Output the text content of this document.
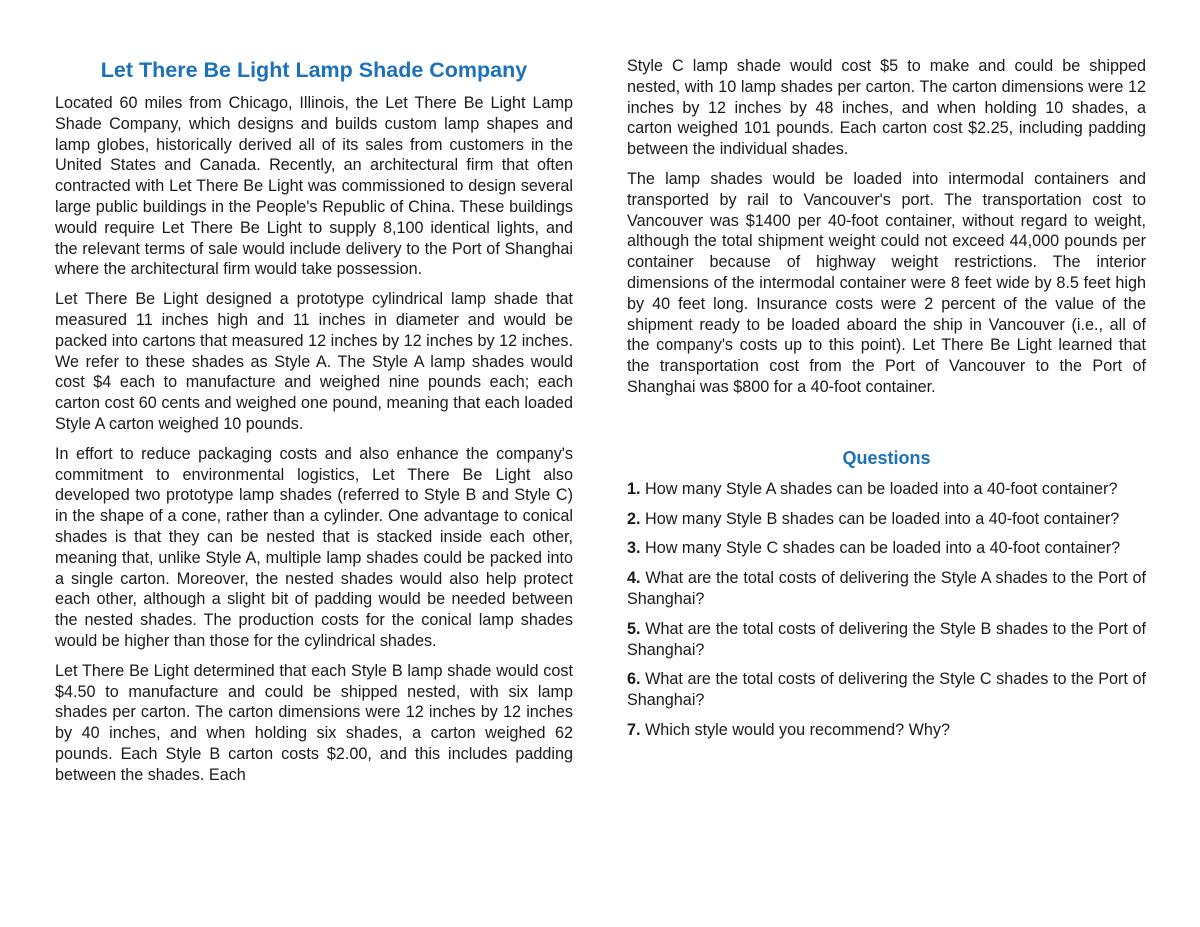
Let There Be Light Lamp Shade Company

Located 60 miles from Chicago, Illinois, the Let There Be Light Lamp Shade Company, which designs and builds custom lamp shapes and lamp globes, historically derived all of its sales from customers in the United States and Canada. Recently, an architectural firm that often contracted with Let There Be Light was commissioned to design several large public buildings in the People's Republic of China. These buildings would require Let There Be Light to supply 8,100 identical lights, and the relevant terms of sale would include delivery to the Port of Shanghai where the architectural firm would take possession.

Let There Be Light designed a prototype cylindrical lamp shade that measured 11 inches high and 11 inches in diameter and would be packed into cartons that measured 12 inches by 12 inches by 12 inches. We refer to these shades as Style A. The Style A lamp shades would cost $4 each to manufacture and weighed nine pounds each; each carton cost 60 cents and weighed one pound, meaning that each loaded Style A carton weighed 10 pounds.

In effort to reduce packaging costs and also enhance the company's commitment to environmental logistics, Let There Be Light also developed two prototype lamp shades (referred to Style B and Style C) in the shape of a cone, rather than a cylinder. One advantage to conical shades is that they can be nested that is stacked inside each other, meaning that, unlike Style A, multiple lamp shades could be packed into a single carton. Moreover, the nested shades would also help protect each other, although a slight bit of padding would be needed between the nested shades. The production costs for the conical lamp shades would be higher than those for the cylindrical shades.

Let There Be Light determined that each Style B lamp shade would cost $4.50 to manufacture and could be shipped nested, with six lamp shades per carton. The carton dimensions were 12 inches by 12 inches by 40 inches, and when holding six shades, a carton weighed 62 pounds. Each Style B carton costs $2.00, and this includes padding between the shades. Each

Style C lamp shade would cost $5 to make and could be shipped nested, with 10 lamp shades per carton. The carton dimensions were 12 inches by 12 inches by 48 inches, and when holding 10 shades, a carton weighed 101 pounds. Each carton cost $2.25, including padding between the individual shades.

The lamp shades would be loaded into intermodal containers and transported by rail to Vancouver's port. The transportation cost to Vancouver was $1400 per 40-foot container, without regard to weight, although the total shipment weight could not exceed 44,000 pounds per container because of highway weight restrictions. The interior dimensions of the intermodal container were 8 feet wide by 8.5 feet high by 40 feet long. Insurance costs were 2 percent of the value of the shipment ready to be loaded aboard the ship in Vancouver (i.e., all of the company's costs up to this point). Let There Be Light learned that the transportation cost from the Port of Vancouver to the Port of Shanghai was $800 for a 40-foot container.

Questions

1. How many Style A shades can be loaded into a 40-foot container?

2. How many Style B shades can be loaded into a 40-foot container?

3. How many Style C shades can be loaded into a 40-foot container?

4. What are the total costs of delivering the Style A shades to the Port of Shanghai?

5. What are the total costs of delivering the Style B shades to the Port of Shanghai?

6. What are the total costs of delivering the Style C shades to the Port of Shanghai?

7. Which style would you recommend? Why?
